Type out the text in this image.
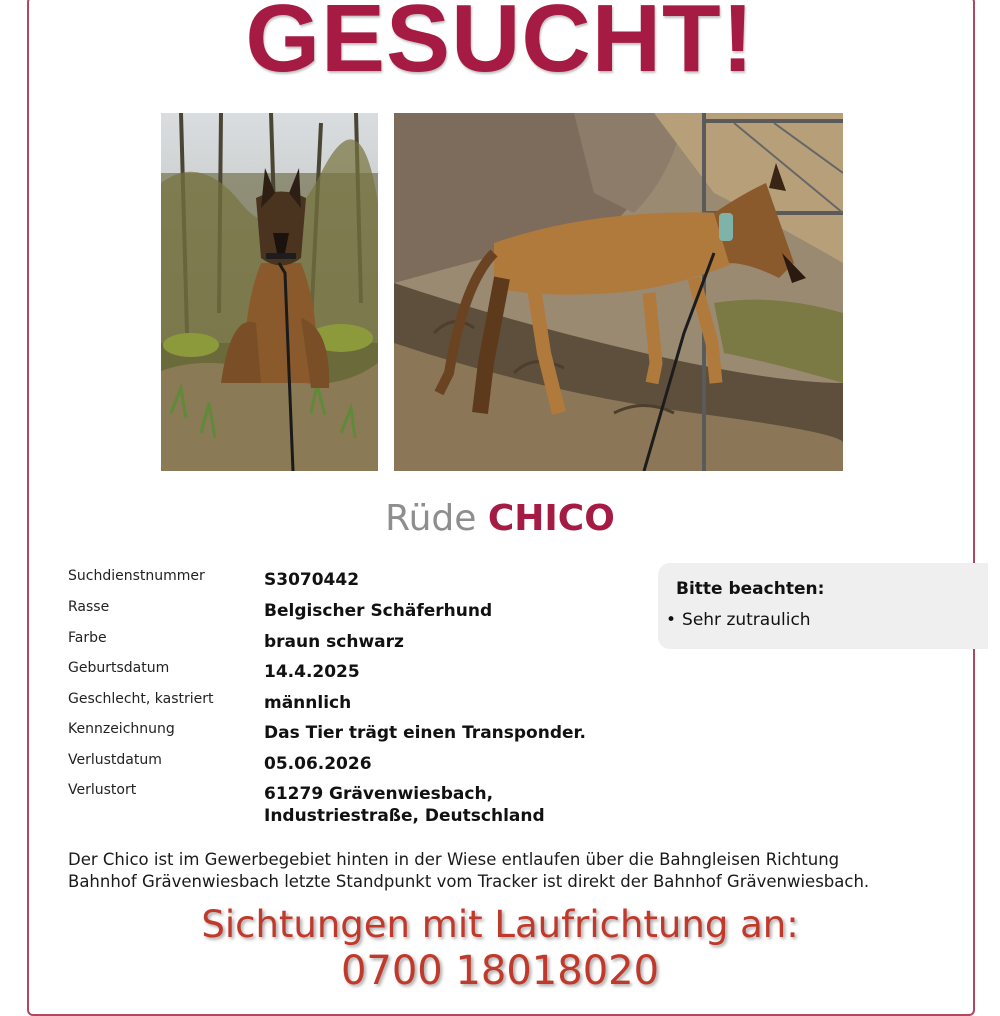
GESUCHT!
Rüde CHICO
Suchdienstnummer	S3070442
Rasse	Belgischer Schäferhund
Farbe	braun schwarz
Geburtsdatum	14.4.2025
Geschlecht, kastriert	männlich
Kennzeichnung	Das Tier trägt einen Transponder.
Verlustdatum	05.06.2026
Verlustort	61279 Grävenwiesbach,
Industriestraße, Deutschland
Bitte beachten:
• Sehr zutraulich
Der Chico ist im Gewerbegebiet hinten in der Wiese entlaufen über die Bahngleisen Richtung
Bahnhof Grävenwiesbach letzte Standpunkt vom Tracker ist direkt der Bahnhof Grävenwiesbach.
Sichtungen mit Laufrichtung an:
0700 18018020
